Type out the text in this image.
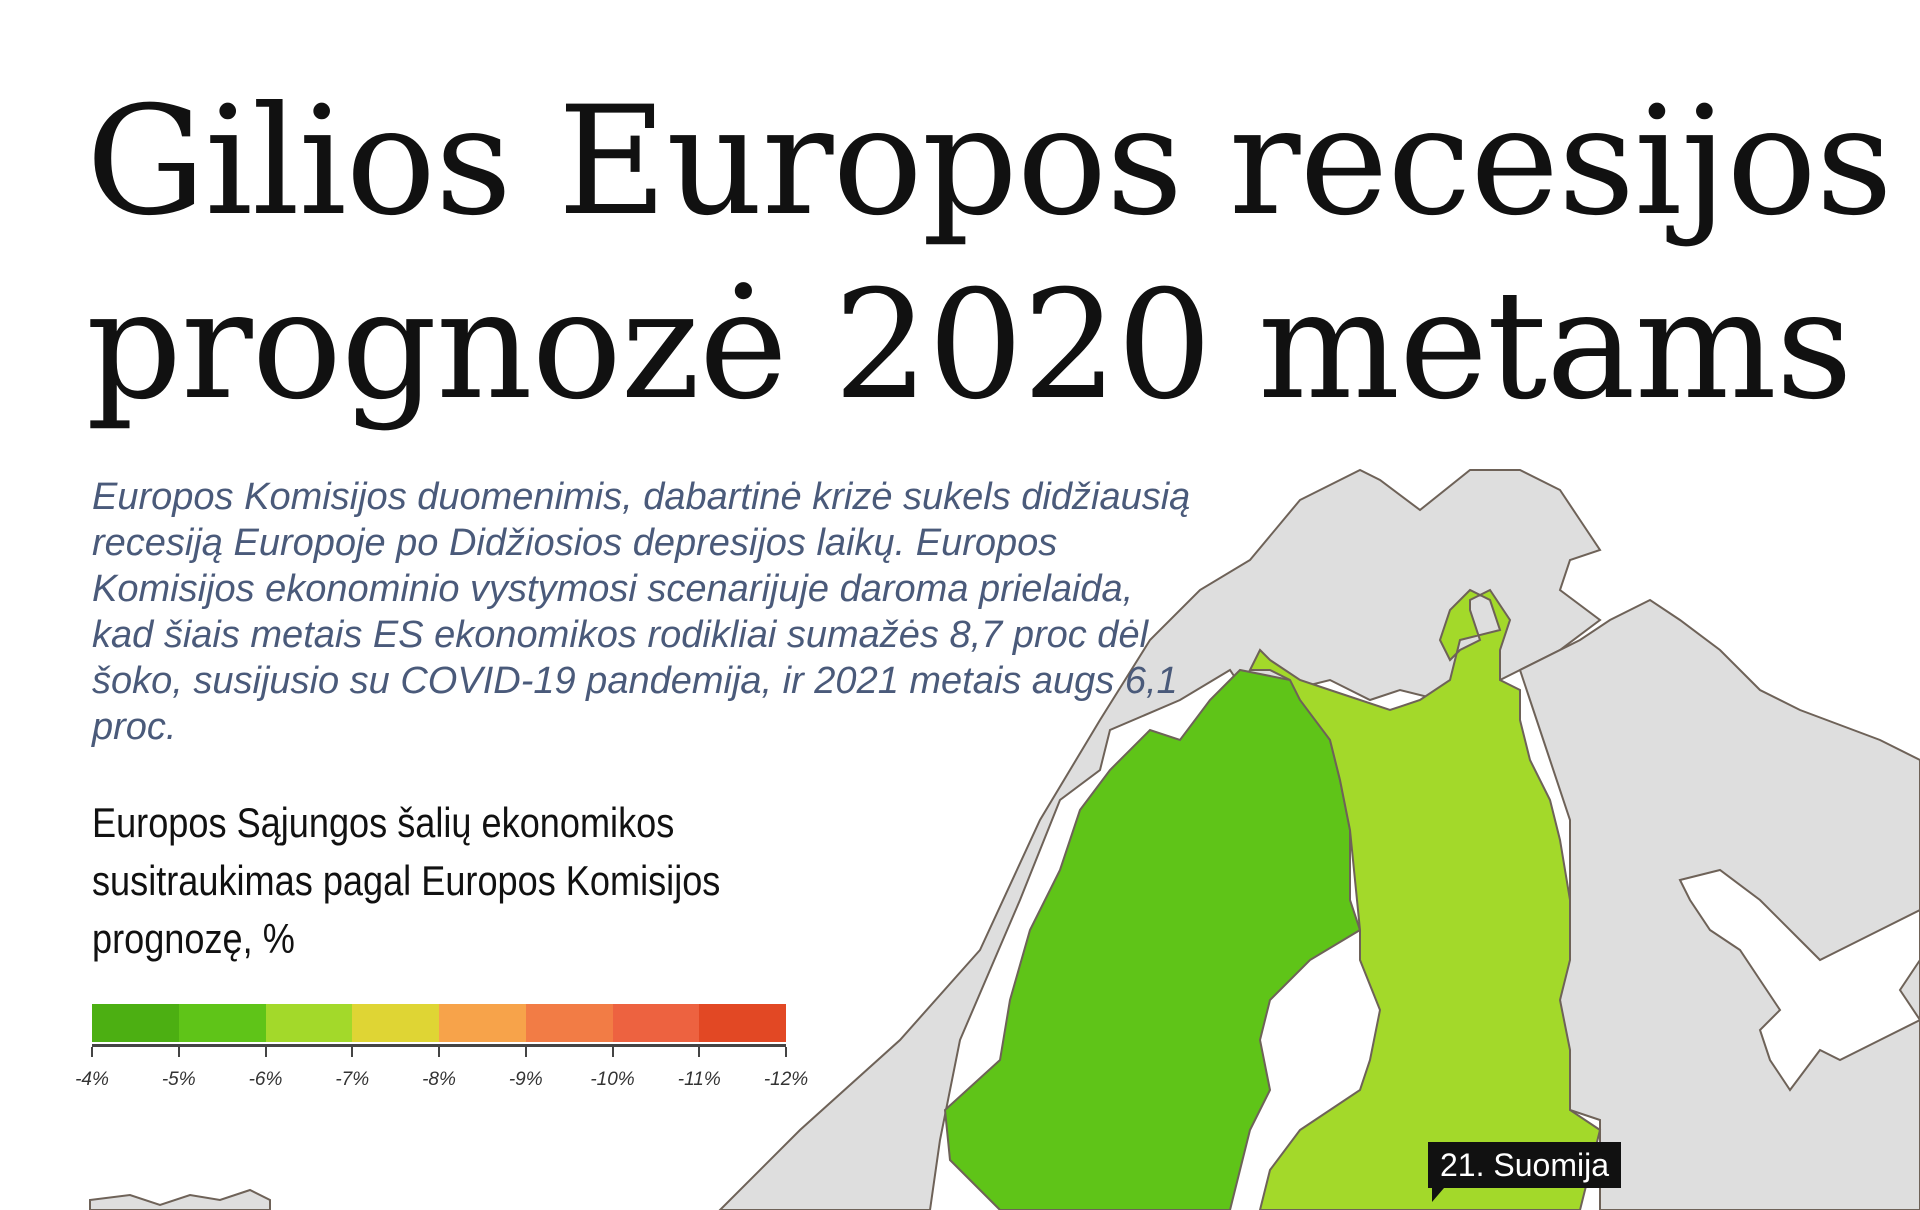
Gilios Europos recesijos
prognozė 2020 metams

Europos Komisijos duomenimis, dabartinė krizė sukels didžiausią recesiją Europoje po Didžiosios depresijos laikų. Europos Komisijos ekonominio vystymosi scenarijuje daroma prielaida, kad šiais metais ES ekonomikos rodikliai sumažės 8,7 proc dėl šoko, susijusio su COVID-19 pandemija, ir 2021 metais augs 6,1 proc.

Europos Sąjungos šalių ekonomikos susitraukimas pagal Europos Komisijos prognozę, %
-4%	-5%	-6%	-7%	-8%	-9%	-10% -11% -12%
21. Suomija
